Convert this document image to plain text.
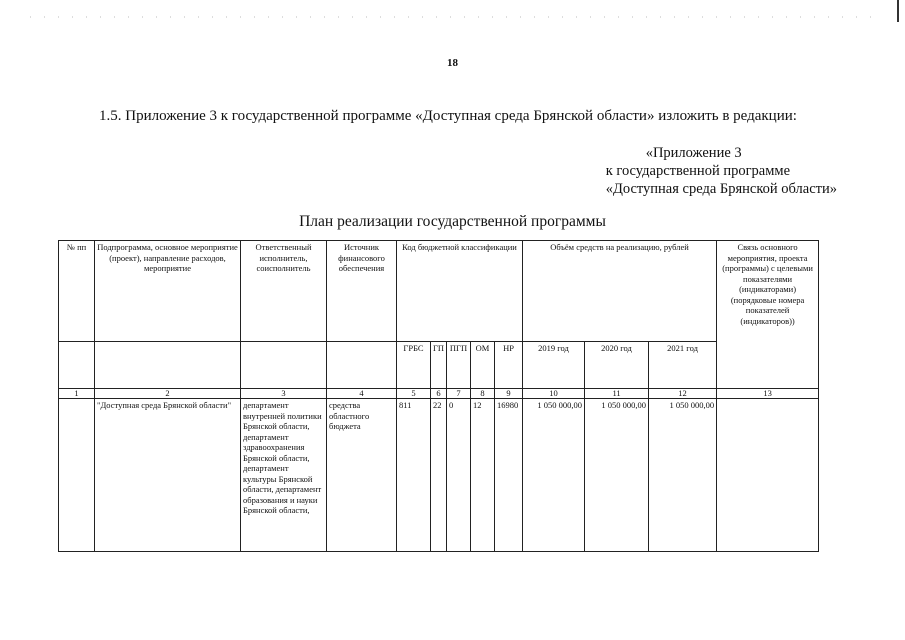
18
1.5. Приложение 3 к государственной программе «Доступная среда Брянской области» изложить в редакции:
«Приложение 3
к государственной программе
«Доступная среда Брянской области»
План реализации государственной программы
№ пп	Подпрограмма, основное мероприятие (проект), направление расходов, мероприятие	Ответственный исполнитель, соисполнитель	Источник финансового обеспечения	Код бюджетной классификации					Объём средств на реализацию, рублей			Связь основного мероприятия, проекта (программы) с целевыми показателями (индикаторами) (порядковые номера показателей (индикаторов))
				ГРБС	ГП	ПГП	ОМ	НР	2019 год	2020 год	2021 год	
1	2	3	4	5	6	7	8	9	10	11	12	13
	"Доступная среда Брянской области"	департамент внутренней политики Брянской области, департамент здравоохранения Брянской области, департамент культуры Брянской области, департамент образования и науки Брянской области,	средства областного бюджета	811	22	0	12	16980	1 050 000,00	1 050 000,00	1 050 000,00	
